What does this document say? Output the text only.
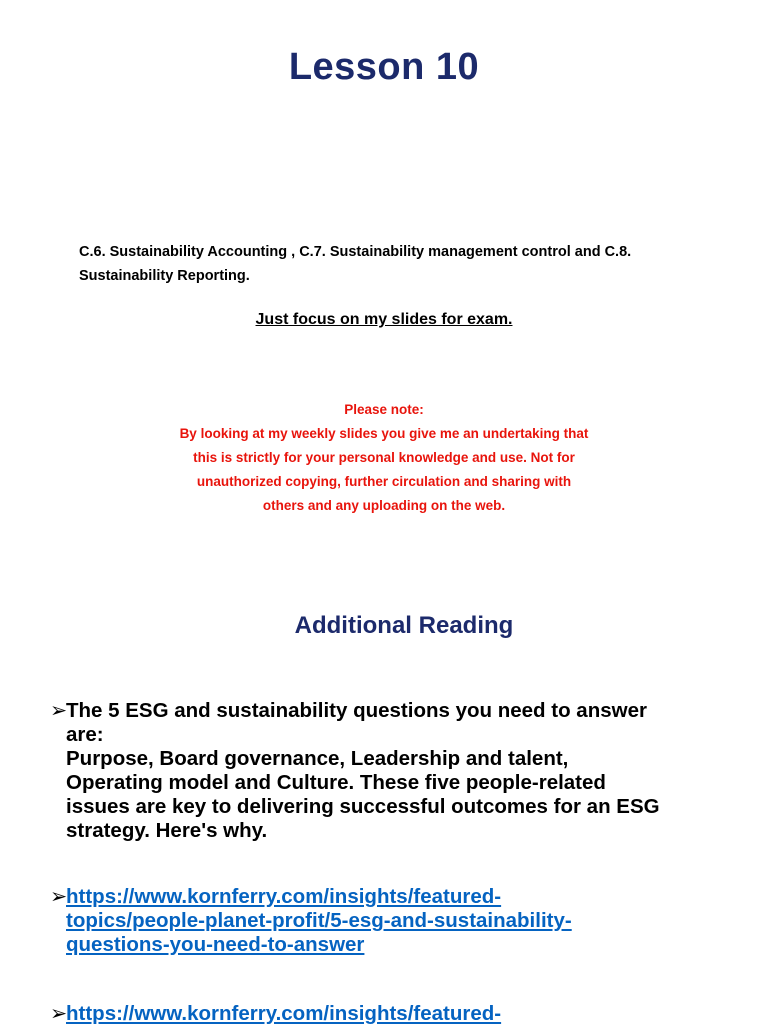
Lesson 10
C.6. Sustainability Accounting , C.7. Sustainability management control and C.8.
Sustainability Reporting.
Just focus on my slides for exam.
Please note:
By looking at my weekly slides you give me an undertaking that
this is strictly for your personal knowledge and use. Not for
unauthorized copying, further circulation and sharing with
others and any uploading on the web.
Additional Reading
➢
The 5 ESG and sustainability questions you need to answer
are:
Purpose, Board governance, Leadership and talent,
Operating model and Culture. These five people-related
issues are key to delivering successful outcomes for an ESG
strategy. Here's why.
➢
https://www.kornferry.com/insights/featured-
topics/people-planet-profit/5-esg-and-sustainability-
questions-you-need-to-answer
➢
https://www.kornferry.com/insights/featured-
